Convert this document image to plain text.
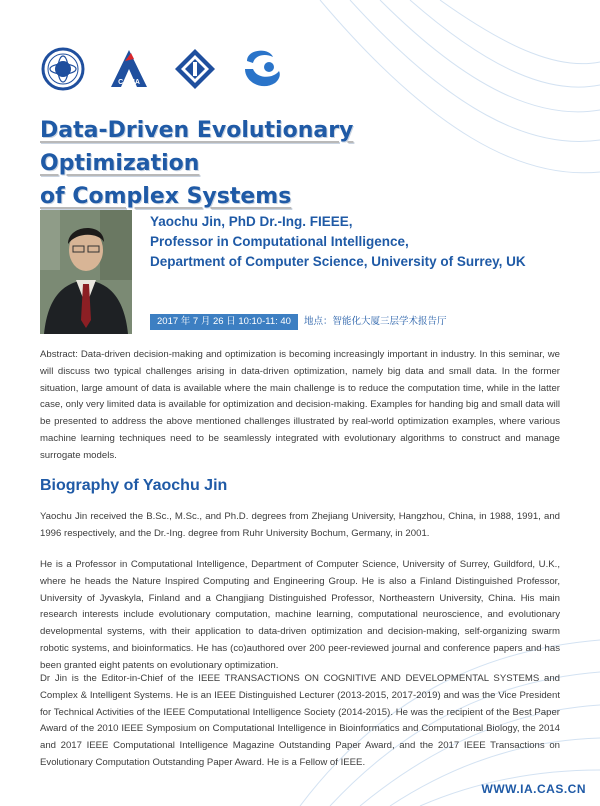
CASIA
Data-Driven Evolutionary Optimization
of Complex Systems
Yaochu Jin, PhD Dr.-Ing. FIEEE,
Professor in Computational Intelligence,
Department of Computer Science, University of Surrey, UK
2017 年 7 月 26 日 10:10-11: 40	地点：智能化大厦三层学术报告厅

Abstract: Data-driven decision-making and optimization is becoming increasingly important in industry. In this seminar, we will discuss two typical challenges arising in data-driven optimization, namely big data and small data. In the former situation, large amount of data is available where the main challenge is to reduce the computation time, while in the latter case, only very limited data is available for optimization and decision-making. Examples for handing big and small data will be presented to address the above mentioned challenges illustrated by real-world optimization examples, where various machine learning techniques need to be seamlessly integrated with evolutionary algorithms to construct and manage surrogate models.

Biography of Yaochu Jin

Yaochu Jin received the B.Sc., M.Sc., and Ph.D. degrees from Zhejiang University, Hangzhou, China, in 1988, 1991, and 1996 respectively, and the Dr.-Ing. degree from Ruhr University Bochum, Germany, in 2001.

He is a Professor in Computational Intelligence, Department of Computer Science, University of Surrey, Guildford, U.K., where he heads the Nature Inspired Computing and Engineering Group. He is also a Finland Distinguished Professor, University of Jyvaskyla, Finland and a Changjiang Distinguished Professor, Northeastern University, China. His main research interests include evolutionary computation, machine learning, computational neuroscience, and evolutionary developmental systems, with their application to data-driven optimization and decision-making, self-organizing swarm robotic systems, and bioinformatics. He has (co)authored over 200 peer-reviewed journal and conference papers and has been granted eight patents on evolutionary optimization.

Dr Jin is the Editor-in-Chief of the IEEE TRANSACTIONS ON COGNITIVE AND DEVELOPMENTAL SYSTEMS and Complex & Intelligent Systems. He is an IEEE Distinguished Lecturer (2013-2015, 2017-2019) and was the Vice President for Technical Activities of the IEEE Computational Intelligence Society (2014-2015). He was the recipient of the Best Paper Award of the 2010 IEEE Symposium on Computational Intelligence in Bioinformatics and Computational Biology, the 2014 and 2017 IEEE Computational Intelligence Magazine Outstanding Paper Award, and the 2017 IEEE Transactions on Evolutionary Computation Outstanding Paper Award. He is a Fellow of IEEE.

WWW.IA.CAS.CN
